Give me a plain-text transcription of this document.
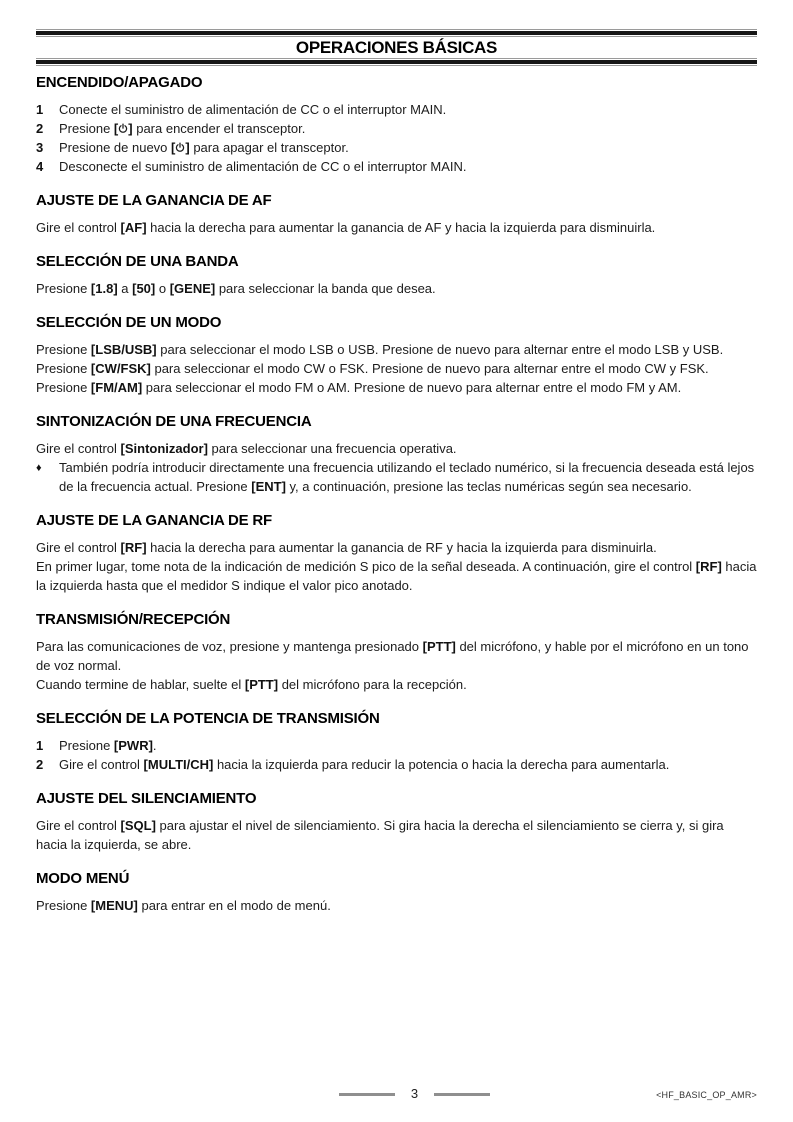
OPERACIONES BÁSICAS
ENCENDIDO/APAGADO
1	Conecte el suministro de alimentación de CC o el interruptor MAIN.
2	Presione [ ] para encender el transceptor.
3	Presione de nuevo [ ] para apagar el transceptor.
4	Desconecte el suministro de alimentación de CC o el interruptor MAIN.
AJUSTE DE LA GANANCIA DE AF

Gire el control [AF] hacia la derecha para aumentar la ganancia de AF y hacia la izquierda para disminuirla.

SELECCIÓN DE UNA BANDA

Presione [1.8] a [50] o [GENE] para seleccionar la banda que desea.

SELECCIÓN DE UN MODO

Presione [LSB/USB] para seleccionar el modo LSB o USB. Presione de nuevo para alternar entre el modo LSB y USB.

Presione [CW/FSK] para seleccionar el modo CW o FSK. Presione de nuevo para alternar entre el modo CW y FSK.

Presione [FM/AM] para seleccionar el modo FM o AM. Presione de nuevo para alternar entre el modo FM y AM.

SINTONIZACIÓN DE UNA FRECUENCIA

Gire el control [Sintonizador] para seleccionar una frecuencia operativa.

♦	También podría introducir directamente una frecuencia utilizando el teclado numérico, si la frecuencia deseada está lejos de la frecuencia actual. Presione [ENT] y, a continuación, presione las teclas numéricas según sea necesario.
AJUSTE DE LA GANANCIA DE RF

Gire el control [RF] hacia la derecha para aumentar la ganancia de RF y hacia la izquierda para disminuirla.

En primer lugar, tome nota de la indicación de medición S pico de la señal deseada. A continuación, gire el control [RF] hacia la izquierda hasta que el medidor S indique el valor pico anotado.

TRANSMISIÓN/RECEPCIÓN

Para las comunicaciones de voz, presione y mantenga presionado [PTT] del micrófono, y hable por el micrófono en un tono de voz normal.

Cuando termine de hablar, suelte el [PTT] del micrófono para la recepción.

SELECCIÓN DE LA POTENCIA DE TRANSMISIÓN
1	Presione [PWR].
2	Gire el control [MULTI/CH] hacia la izquierda para reducir la potencia o hacia la derecha para aumentarla.
AJUSTE DEL SILENCIAMIENTO

Gire el control [SQL] para ajustar el nivel de silenciamiento. Si gira hacia la derecha el silenciamiento se cierra y, si gira hacia la izquierda, se abre.

MODO MENÚ

Presione [MENU] para entrar en el modo de menú.

3	<HF_BASIC_OP_AMR>
